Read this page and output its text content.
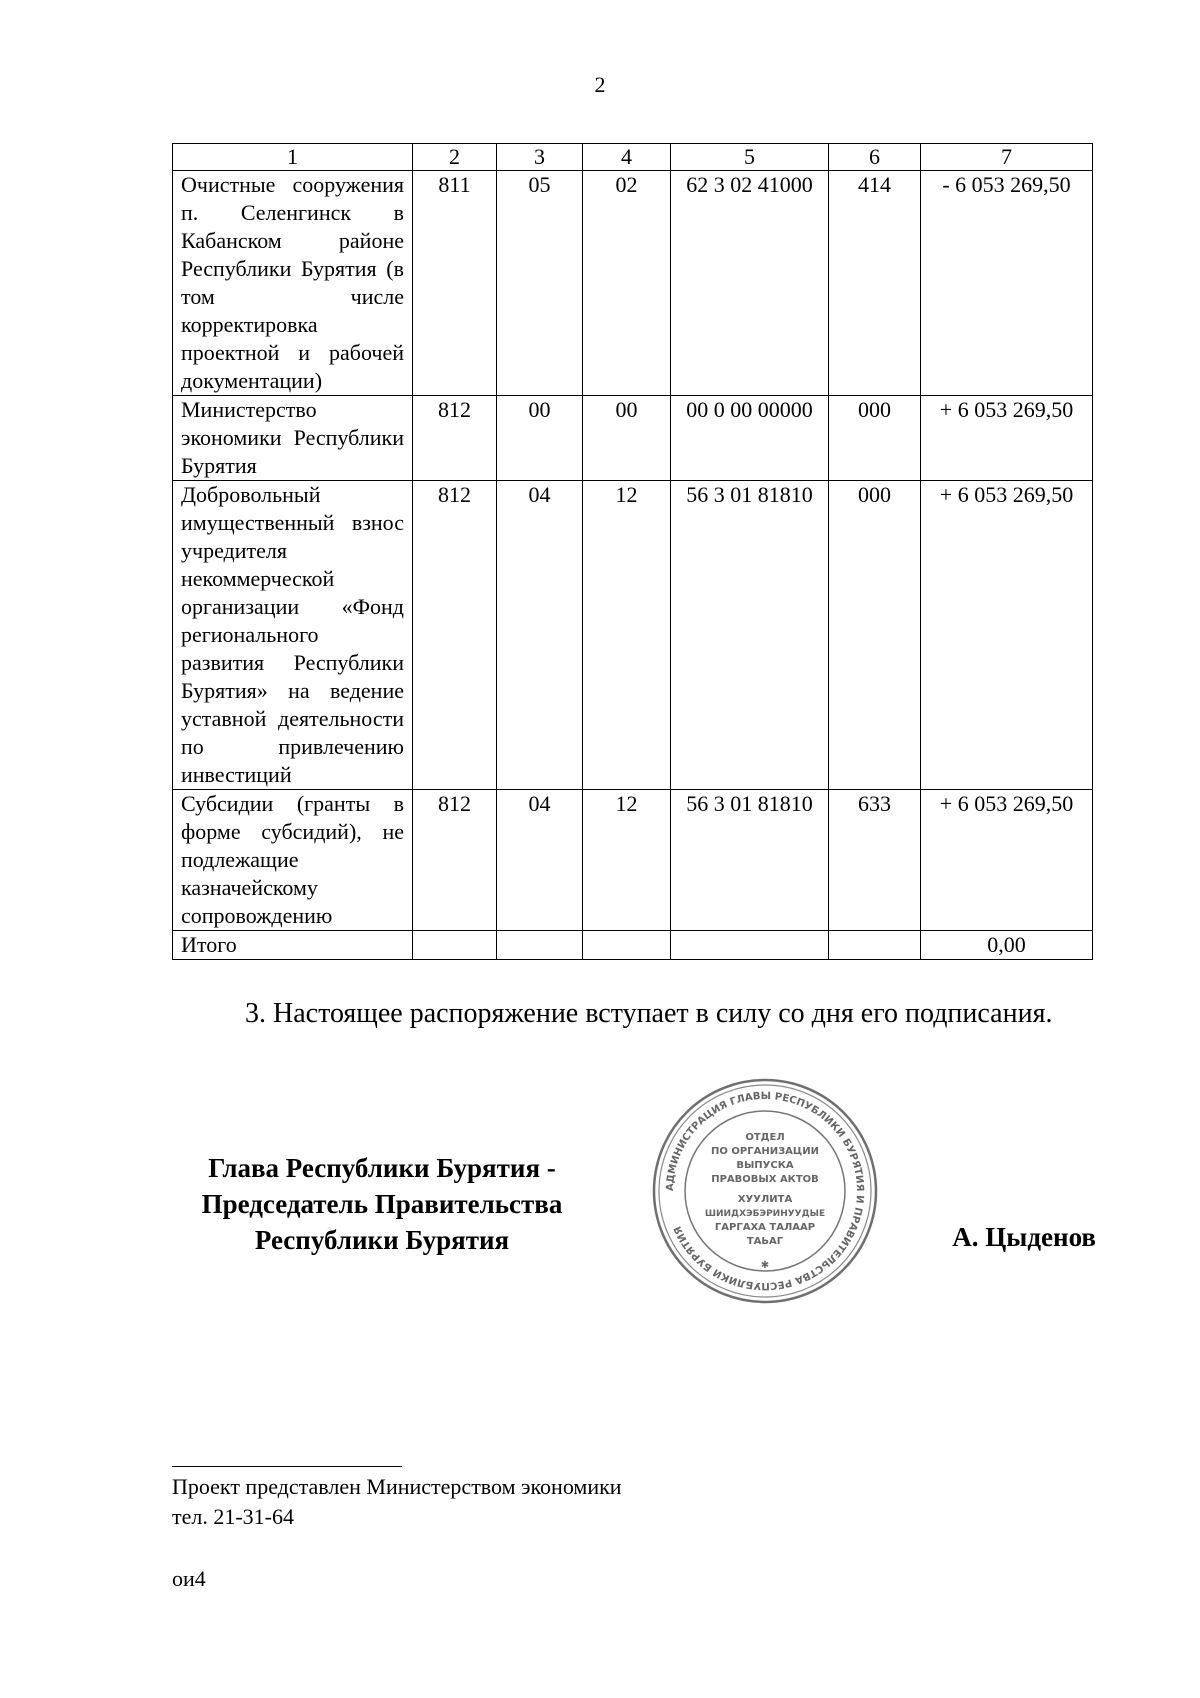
2
1	2	3	4	5	6	7
Очистные сооружения п. Селенгинск в Кабанском районе Республики Бурятия (в том числе корректировка проектной и рабочей документации)	811	05	02	62 3 02 41000	414	- 6 053 269,50
Министерство экономики Республики Бурятия	812	00	00	00 0 00 00000	000	+ 6 053 269,50
Добровольный имущественный взнос учредителя некоммерческой организации «Фонд регионального развития Республики Бурятия» на ведение уставной деятельности по привлечению инвестиций	812	04	12	56 3 01 81810	000	+ 6 053 269,50
Субсидии (гранты в форме субсидий), не подлежащие казначейскому сопровождению	812	04	12	56 3 01 81810	633	+ 6 053 269,50
Итого						0,00
3. Настоящее распоряжение вступает в силу со дня его подписания.
Глава Республики Бурятия -
Председатель Правительства
Республики Бурятия
АДМИНИСТРАЦИЯ ГЛАВЫ РЕСПУБЛИКИ БУРЯТИЯ И ПРАВИТЕЛЬСТВА РЕСПУБЛИКИ БУРЯТИЯ
ОТДЕЛ
ПО ОРГАНИЗАЦИИ
ВЫПУСКА
ПРАВОВЫХ АКТОВ
ХУУЛИТА
ШИИДХЭБЭРИНУУДЫЕ
ГАРГАХА ТАЛААР
ТАЬАГ
✱
А. Цыденов
Проект представлен Министерством экономики
тел. 21-31-64
ои4
